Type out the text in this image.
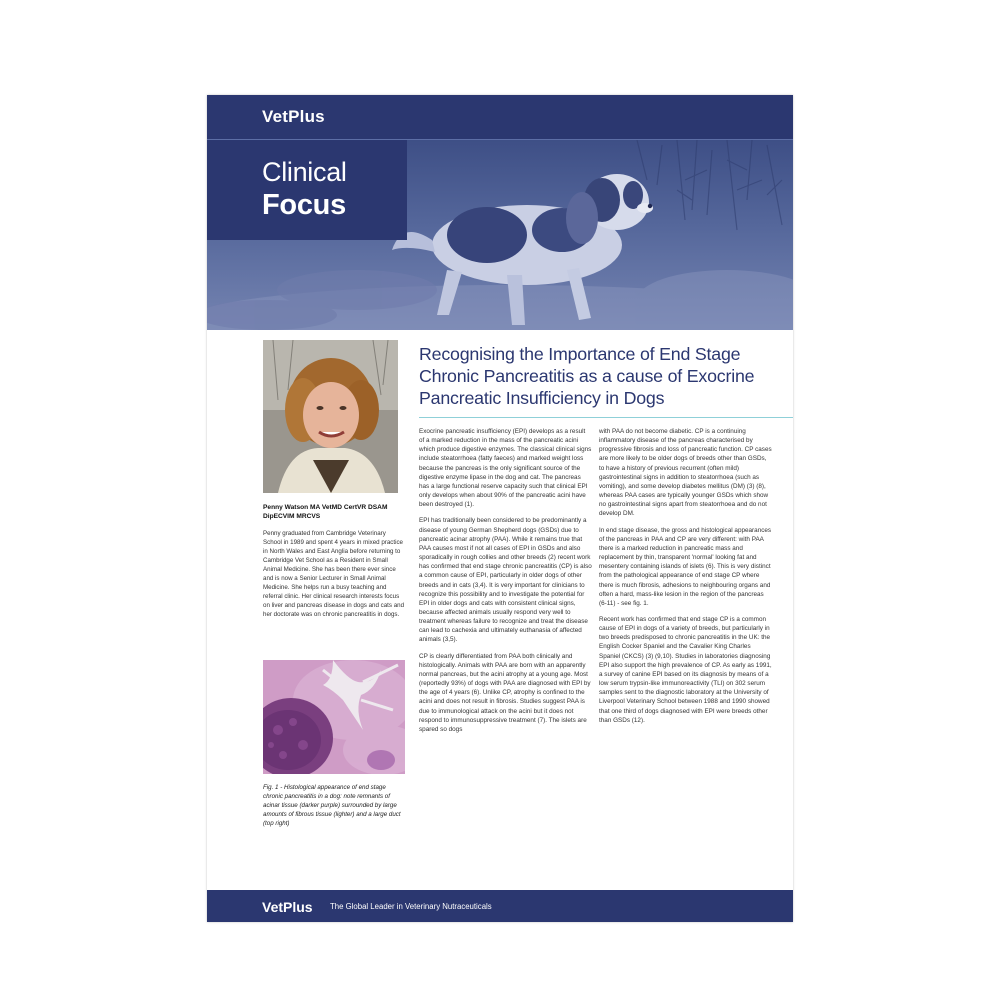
VetPlus
Clinical
Focus
Penny Watson MA VetMD CertVR DSAM DipECVIM MRCVS
Penny graduated from Cambridge Veterinary School in 1989 and spent 4 years in mixed practice in North Wales and East Anglia before returning to Cambridge Vet School as a Resident in Small Animal Medicine. She has been there ever since and is now a Senior Lecturer in Small Animal Medicine. She helps run a busy teaching and referral clinic. Her clinical research interests focus on liver and pancreas disease in dogs and cats and her doctorate was on chronic pancreatitis in dogs.
Fig. 1 - Histological appearance of end stage chronic pancreatitis in a dog: note remnants of acinar tissue (darker purple) surrounded by large amounts of fibrous tissue (lighter) and a large duct (top right)
Recognising the Importance of End Stage Chronic Pancreatitis as a cause of Exocrine Pancreatic Insufficiency in Dogs

Exocrine pancreatic insufficiency (EPI) develops as a result of a marked reduction in the mass of the pancreatic acini which produce digestive enzymes. The classical clinical signs include steatorrhoea (fatty faeces) and marked weight loss because the pancreas is the only significant source of the digestive enzyme lipase in the dog and cat. The pancreas has a large functional reserve capacity such that clinical EPI only develops when about 90% of the pancreatic acini have been destroyed (1).

EPI has traditionally been considered to be predominantly a disease of young German Shepherd dogs (GSDs) due to pancreatic acinar atrophy (PAA). While it remains true that PAA causes most if not all cases of EPI in GSDs and also sporadically in rough collies and other breeds (2) recent work has confirmed that end stage chronic pancreatitis (CP) is also a common cause of EPI, particularly in older dogs of other breeds and in cats (3,4). It is very important for clinicians to recognize this possibility and to investigate the potential for EPI in older dogs and cats with consistent clinical signs, because affected animals usually respond very well to treatment whereas failure to recognize and treat the disease can lead to cachexia and ultimately euthanasia of affected animals (3,5).

CP is clearly differentiated from PAA both clinically and histologically. Animals with PAA are born with an apparently normal pancreas, but the acini atrophy at a young age. Most (reportedly 93%) of dogs with PAA are diagnosed with EPI by the age of 4 years (6). Unlike CP, atrophy is confined to the acini and does not result in fibrosis. Studies suggest PAA is due to immunological attack on the acini but it does not respond to immunosuppressive treatment (7). The islets are spared so dogs

with PAA do not become diabetic. CP is a continuing inflammatory disease of the pancreas characterised by progressive fibrosis and loss of pancreatic function. CP cases are more likely to be older dogs of breeds other than GSDs, to have a history of previous recurrent (often mild) gastrointestinal signs in addition to steatorrhoea (such as vomiting), and some develop diabetes mellitus (DM) (3) (8), whereas PAA cases are typically younger GSDs which show no gastrointestinal signs apart from steatorrhoea and do not develop DM.

In end stage disease, the gross and histological appearances of the pancreas in PAA and CP are very different: with PAA there is a marked reduction in pancreatic mass and replacement by thin, transparent 'normal' looking fat and mesentery containing islands of islets (6). This is very distinct from the pathological appearance of end stage CP where there is much fibrosis, adhesions to neighbouring organs and often a hard, mass-like lesion in the region of the pancreas (6-11) - see fig. 1.

Recent work has confirmed that end stage CP is a common cause of EPI in dogs of a variety of breeds, but particularly in two breeds predisposed to chronic pancreatitis in the UK: the English Cocker Spaniel and the Cavalier King Charles Spaniel (CKCS) (3) (9,10). Studies in laboratories diagnosing EPI also support the high prevalence of CP. As early as 1991, a survey of canine EPI based on its diagnosis by means of a low serum trypsin-like immunoreactivity (TLI) on 302 serum samples sent to the diagnostic laboratory at the University of Liverpool Veterinary School between 1988 and 1990 showed that one third of dogs diagnosed with EPI were breeds other than GSDs (12).

VetPlus The Global Leader in Veterinary Nutraceuticals
